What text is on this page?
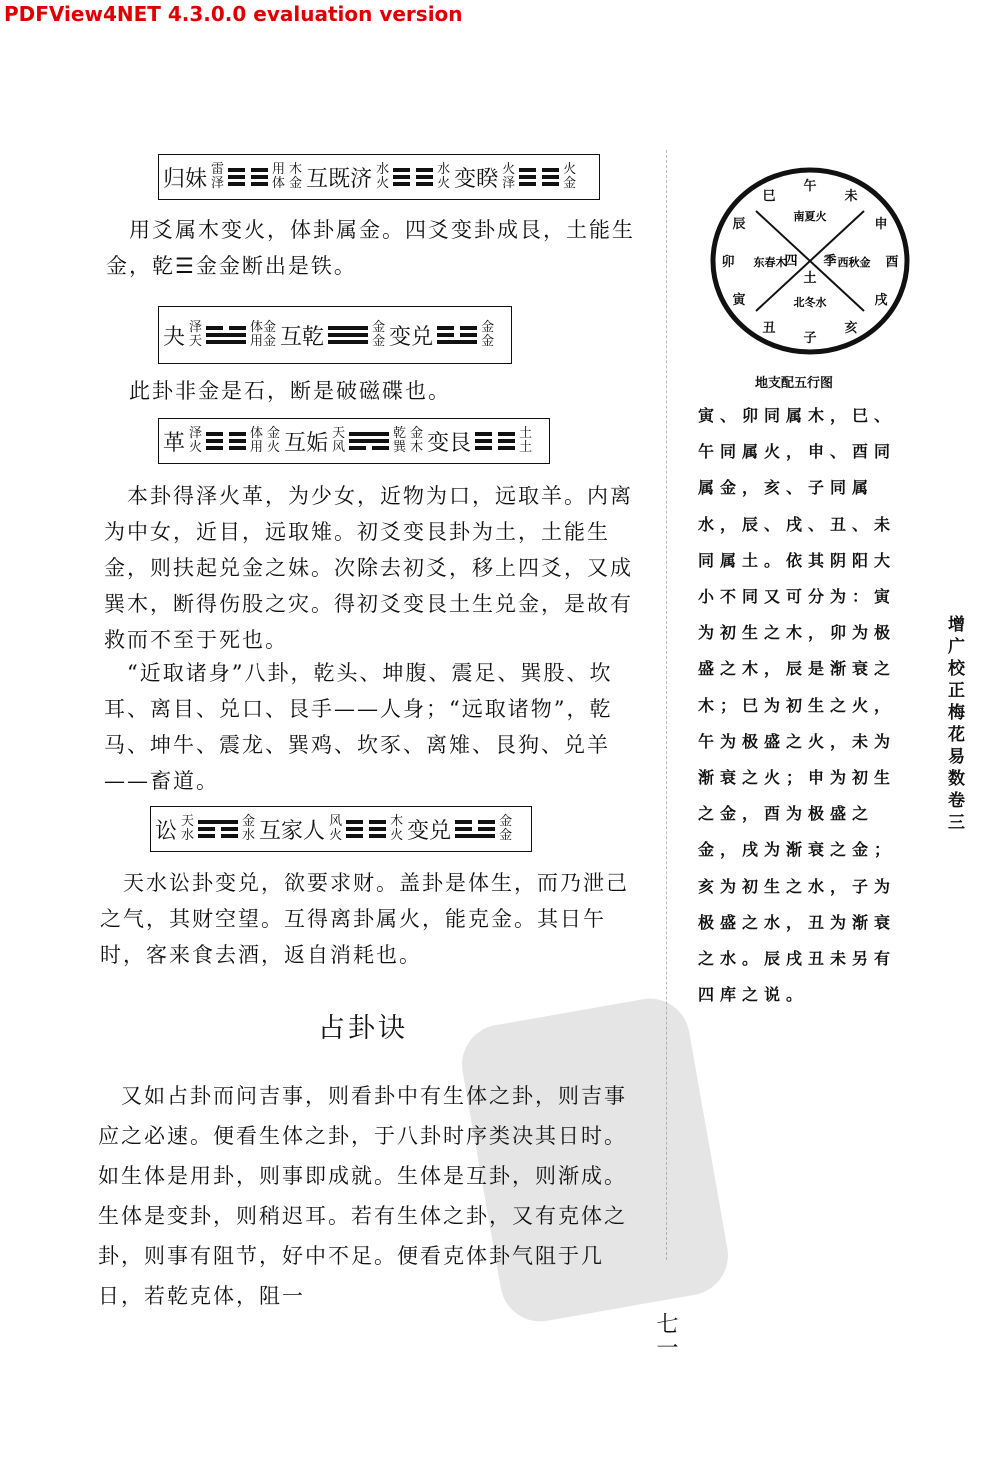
PDFView4NET 4.3.0.0 evaluation version
归妹 雷
泽
用
体
木
金 互既济 水
火
水
火 变睽 火
泽
火
金

　用爻属木变火，体卦属金。四爻变卦成艮，土能生金，乾☰金金断出是铁。

夬 泽
天
体金
用金 互乾	金
金 变兑	金
金

　此卦非金是石，断是破磁碟也。

革 泽
火
体
用
金
火 互姤 天
风
乾
巽
金
木 变艮	土
土

　本卦得泽火革，为少女，近物为口，远取羊。内离为中女，近目，远取雉。初爻变艮卦为土，土能生金，则扶起兑金之妹。次除去初爻，移上四爻，又成巽木，断得伤股之灾。得初爻变艮土生兑金，是故有救而不至于死也。

　“近取诸身”八卦，乾头、坤腹、震足、巽股、坎耳、离目、兑口、艮手——人身；“远取诸物”，乾马、坤牛、震龙、巽鸡、坎豕、离雉、艮狗、兑羊——畜道。

讼 天
水
金
水 互家人 风
火
木
火 变兑	金
金

　天水讼卦变兑，欲要求财。盖卦是体生，而乃泄己之气，其财空望。互得离卦属火，能克金。其日午时，客来食去酒，返自消耗也。

占卦诀

　又如占卦而问吉事，则看卦中有生体之卦，则吉事应之必速。便看生体之卦，于八卦时序类决其日时。如生体是用卦，则事即成就。生体是互卦，则渐成。生体是变卦，则稍迟耳。若有生体之卦，又有克体之卦，则事有阻节，好中不足。便看克体卦气阻于几日，若乾克体，阻一

子
丑
寅
卯
辰
巳
午
未
申
酉
戌
亥
南夏火
东春木	西秋金
北冬水
四
土
季
地支配五行图

寅、卯同属木，巳、午同属火，申、酉同属金，亥、子同属水，辰、戌、丑、未同属土。依其阴阳大小不同又可分为：寅为初生之木，卯为极盛之木，辰是渐衰之木；巳为初生之火，午为极盛之火，未为渐衰之火；申为初生之金，酉为极盛之金，戌为渐衰之金；亥为初生之水，子为极盛之水，丑为渐衰之水。辰戌丑未另有四库之说。

增广校正梅花易数卷三
七一
